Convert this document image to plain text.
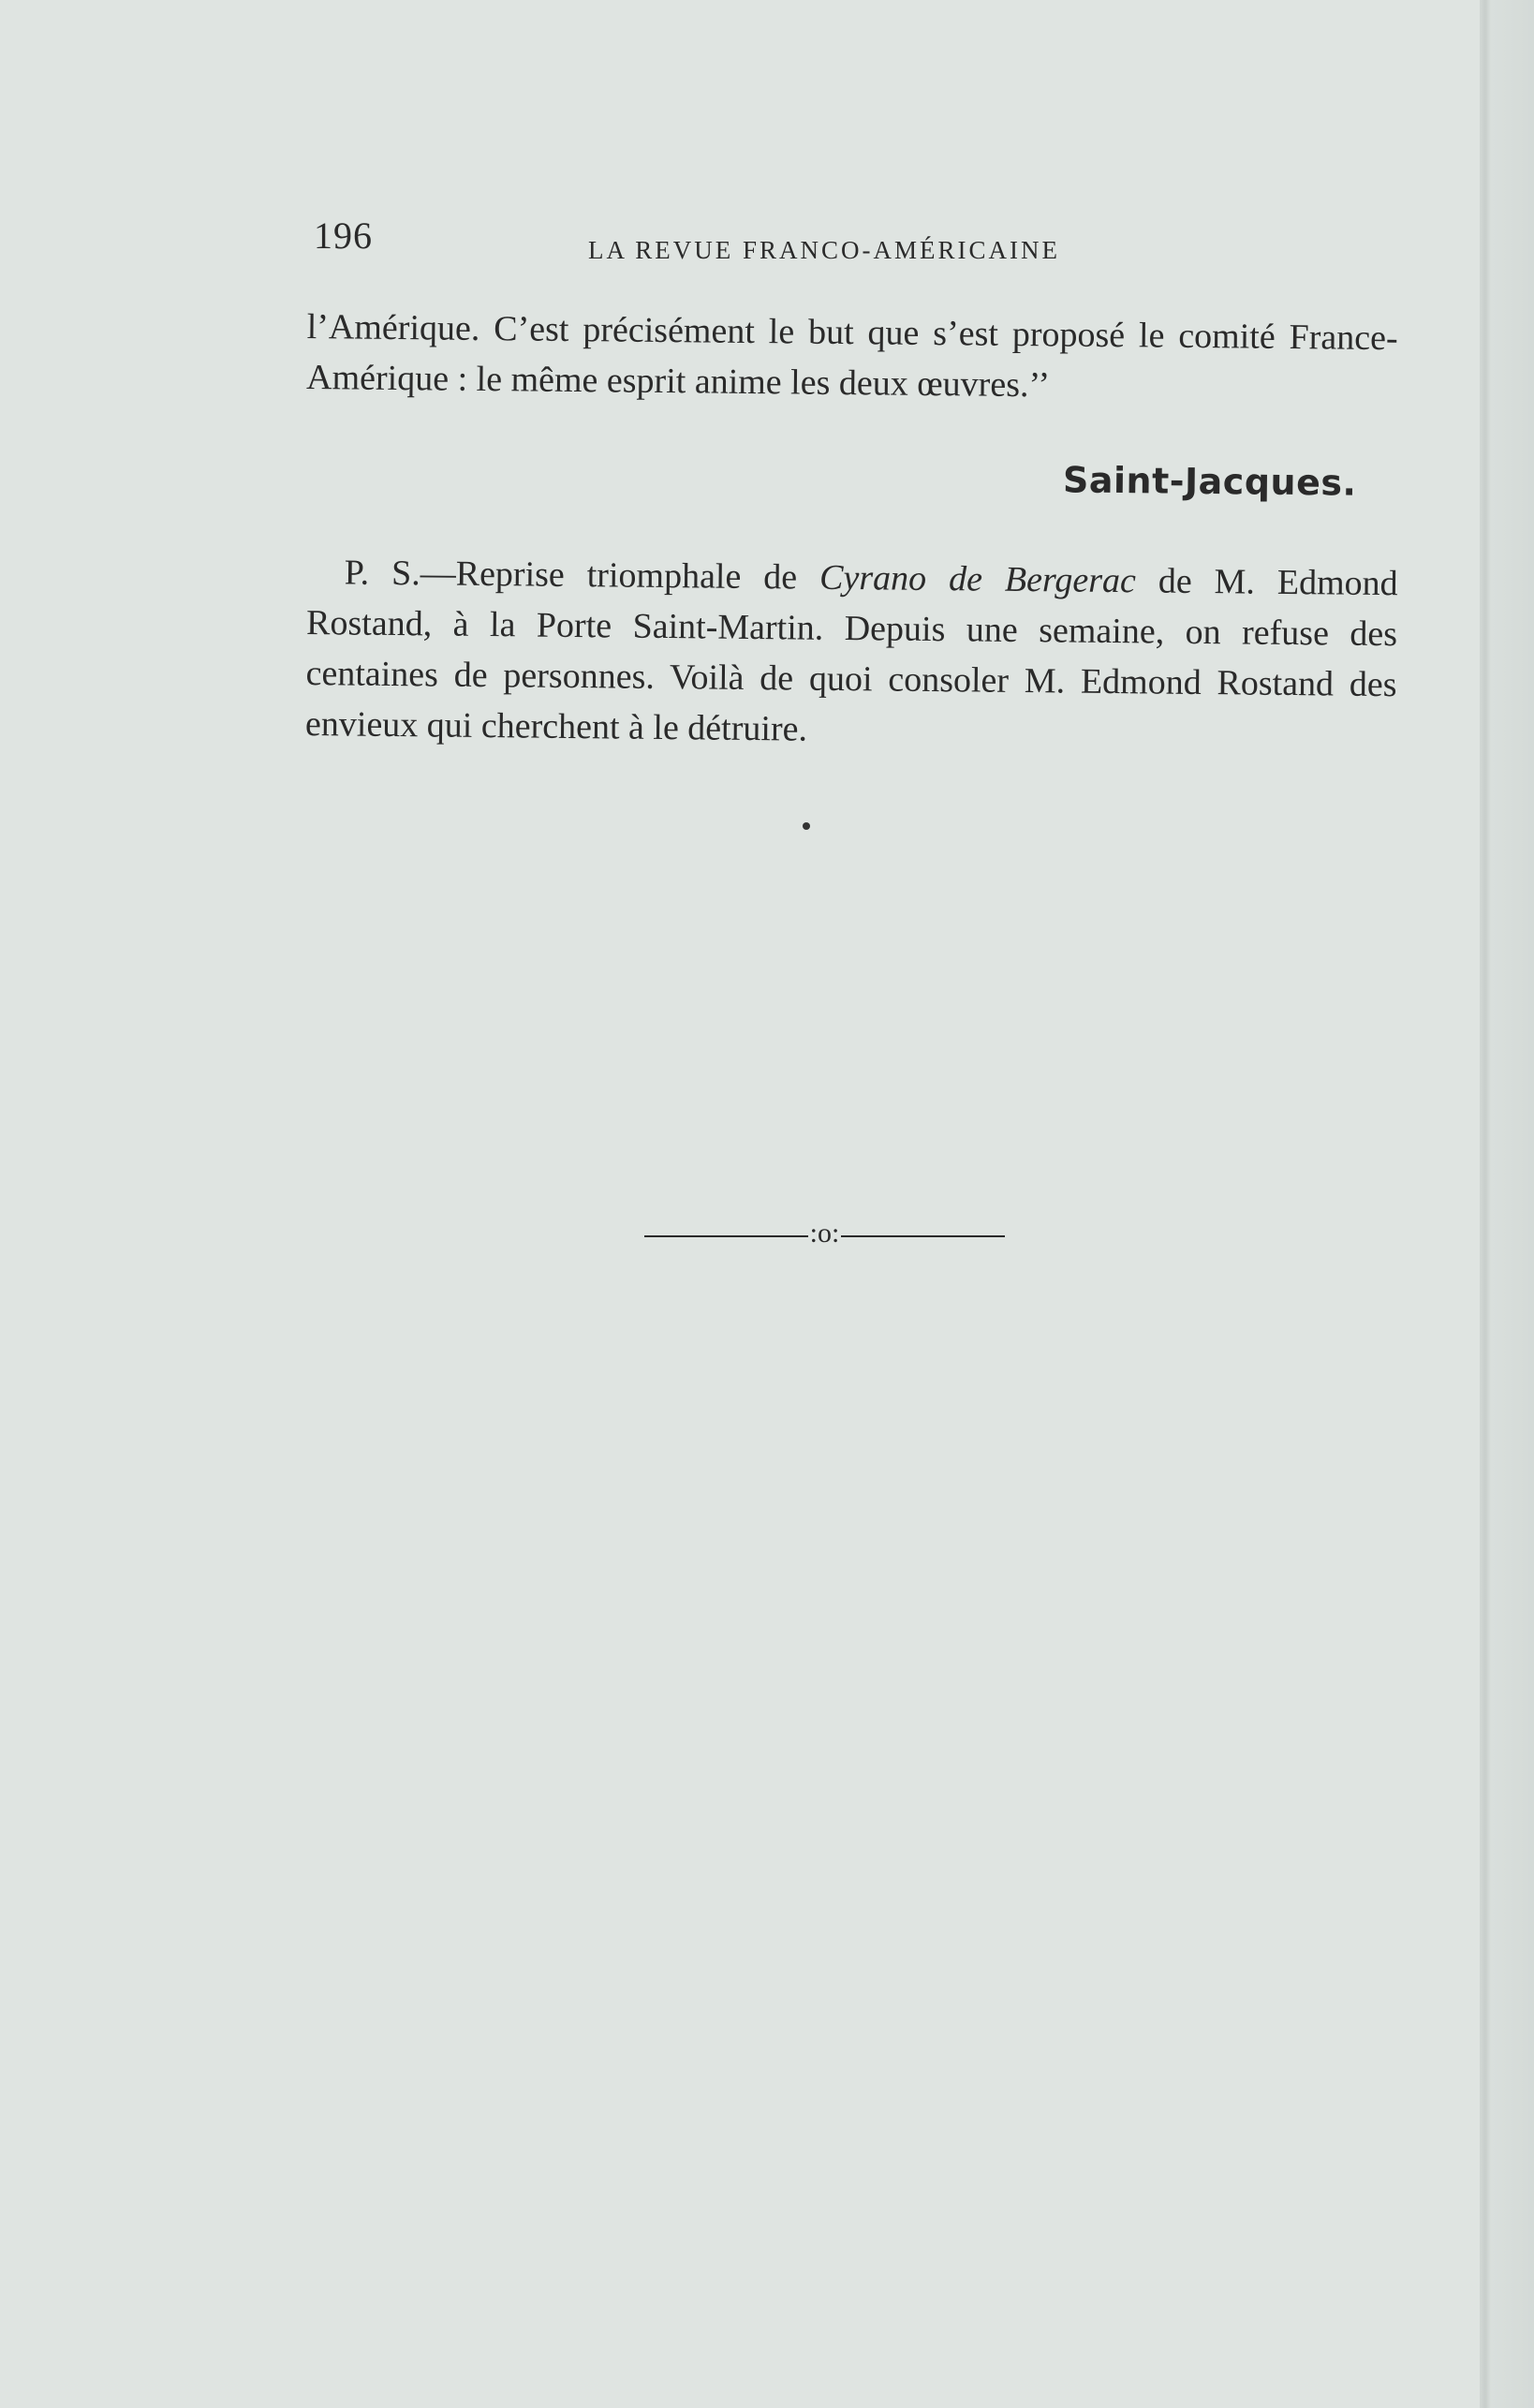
196	LA REVUE FRANCO-AMÉRICAINE

l’Amérique. C’est précisément le but que s’est proposé le comité France-Amérique : le même esprit anime les deux œuvres.’’

Saint-Jacques.

P. S.—Reprise triomphale de Cyrano de Bergerac de M. Edmond Rostand, à la Porte Saint-Martin. Depuis une semaine, on refuse des centaines de personnes. Voilà de quoi consoler M. Edmond Rostand des envieux qui cherchent à le détruire.

:o:
